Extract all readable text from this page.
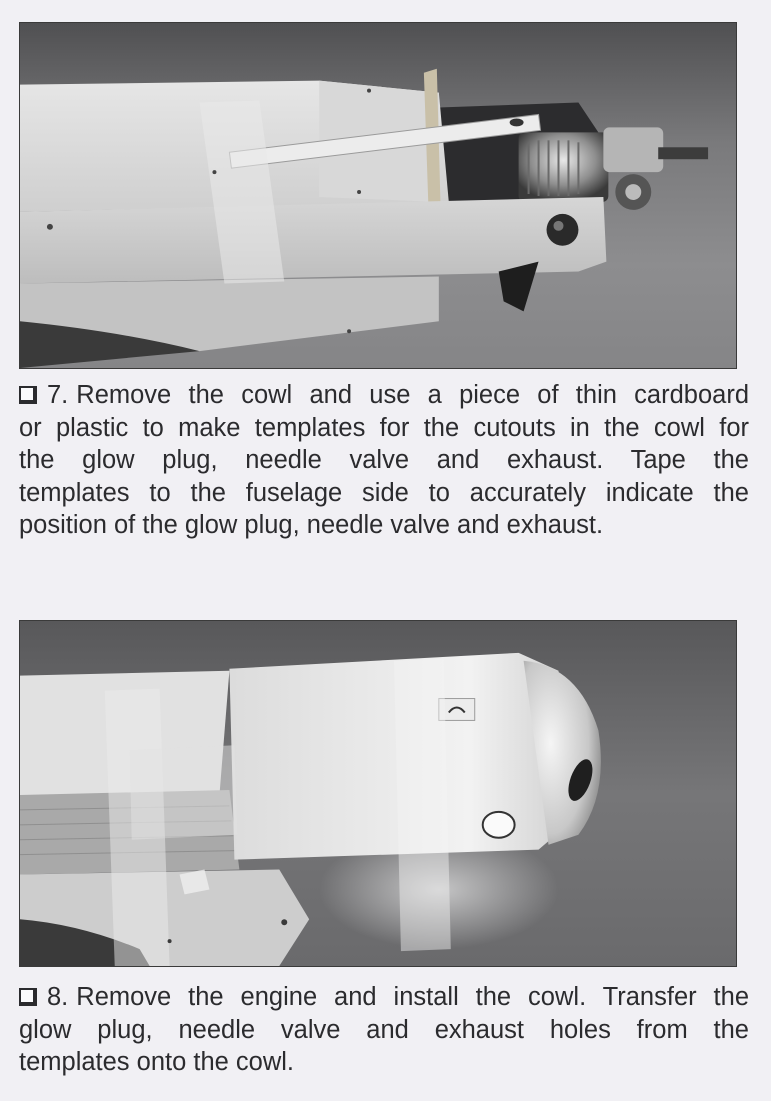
7. Remove the cowl and use a piece of thin cardboard
or plastic to make templates for the cutouts in the cowl for
the glow plug, needle valve and exhaust. Tape the
templates to the fuselage side to accurately indicate the
position of the glow plug, needle valve and exhaust.
8. Remove the engine and install the cowl. Transfer the
glow plug, needle valve and exhaust holes from the
templates onto the cowl.
